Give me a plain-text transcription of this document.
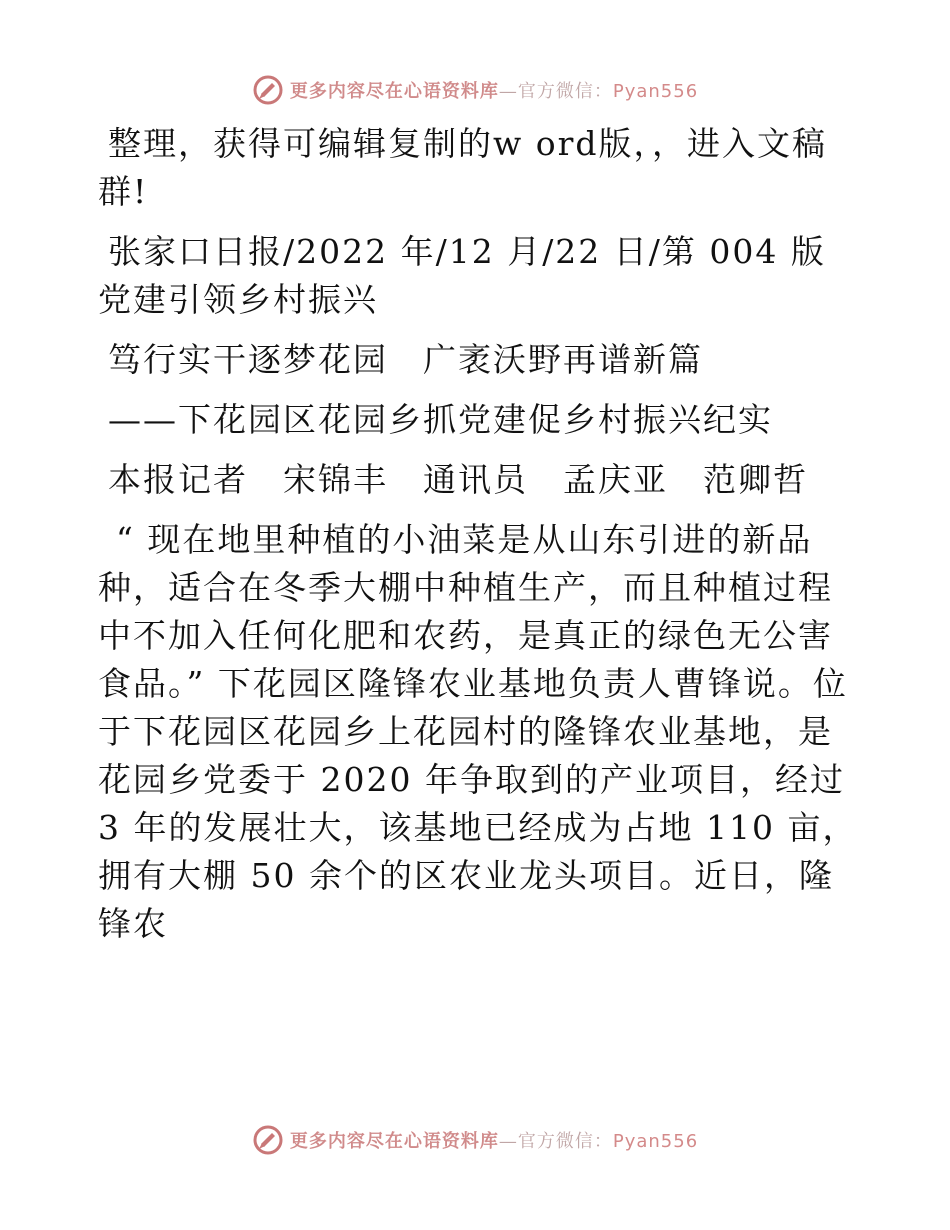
更多内容尽在心语资料库—官方微信：Pyan556

整理，获得可编辑复制的w ord版，，进入文稿群!

张家口日报/2022 年/12 月/22 日/第 004 版党建引领乡村振兴

笃行实干逐梦花园　广袤沃野再谱新篇

——下花园区花园乡抓党建促乡村振兴纪实

本报记者　宋锦丰　通讯员　孟庆亚　范卿哲

“ 现在地里种植的小油菜是从山东引进的新品种，适合在冬季大棚中种植生产，而且种植过程中不加入任何化肥和农药，是真正的绿色无公害食品。” 下花园区隆锋农业基地负责人曹锋说。位于下花园区花园乡上花园村的隆锋农业基地，是花园乡党委于 2020 年争取到的产业项目，经过 3 年的发展壮大，该基地已经成为占地 110 亩，拥有大棚 50 余个的区农业龙头项目。近日，隆锋农

更多内容尽在心语资料库—官方微信：Pyan556
